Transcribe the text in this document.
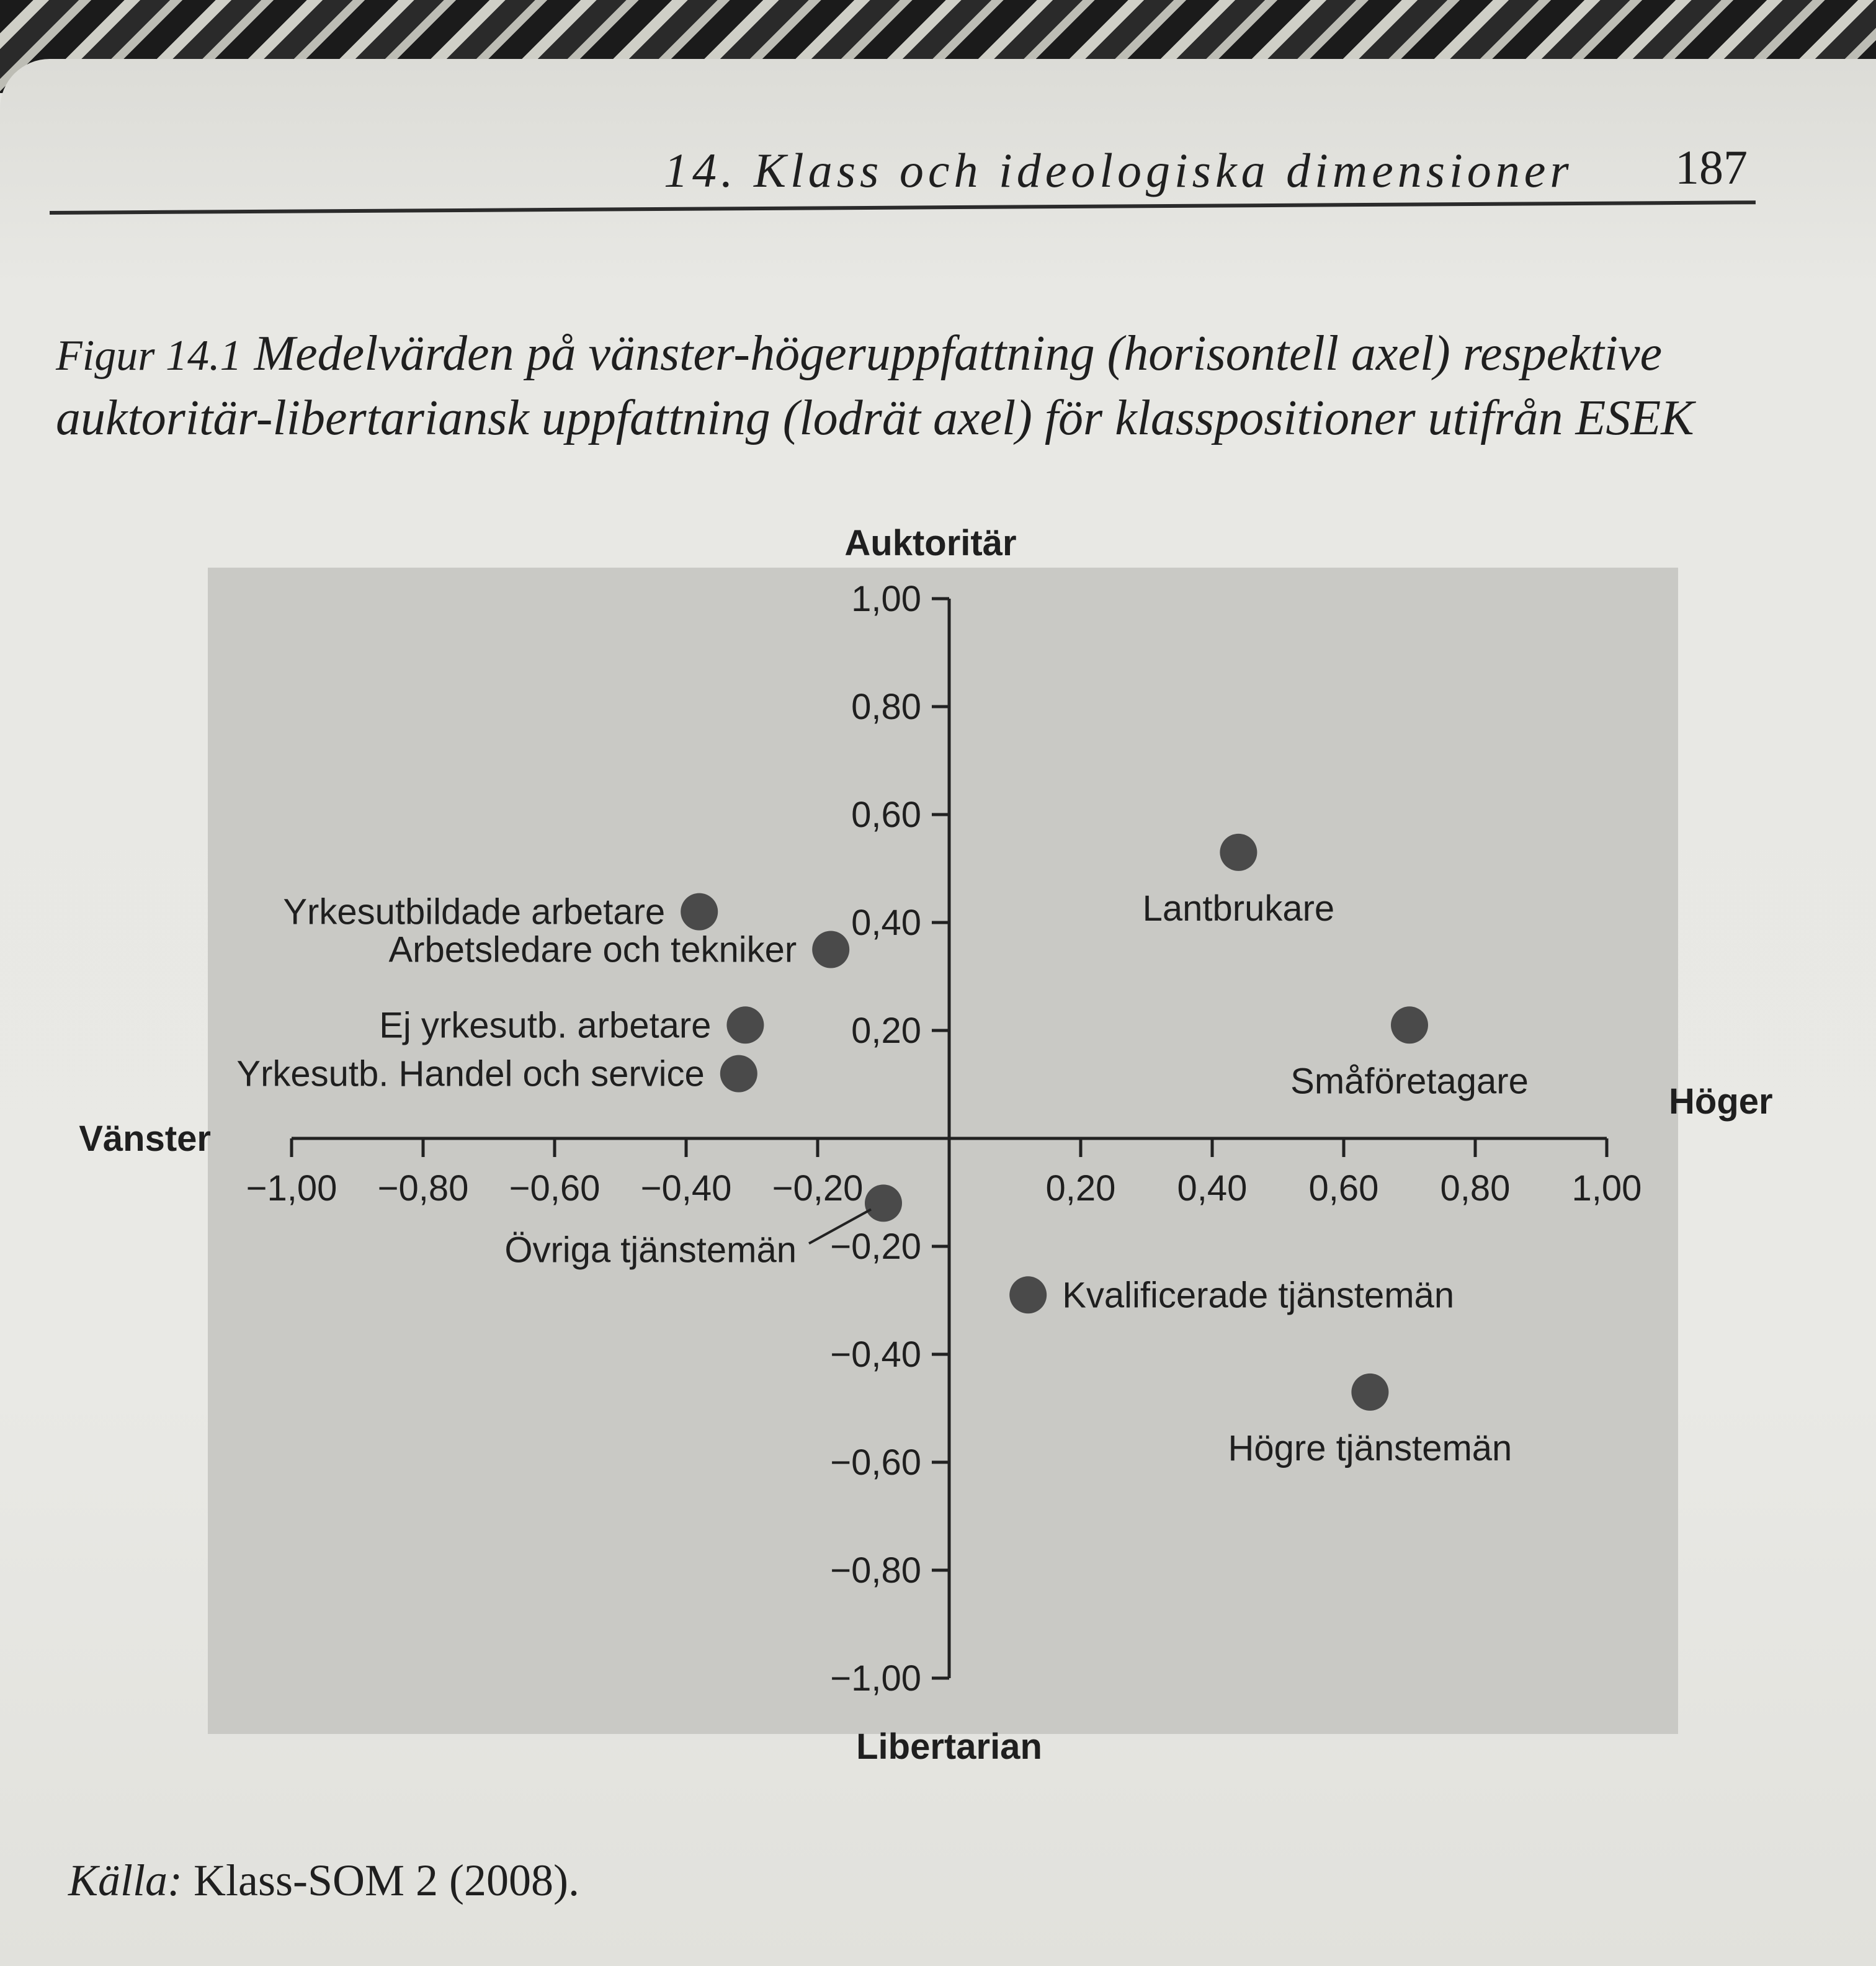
14. Klass och ideologiska dimensioner	187
Figur 14.1 Medelvärden på vänster-högeruppfattning (horisontell axel) respektive
auktoritär-libertariansk uppfattning (lodrät axel) för klasspositioner utifrån ESEK
−1,00 −0,80 −0,60 −0,40 −0,20	0,20 0,40 0,60 0,80 1,00
1,00
0,80
0,60
0,40
0,20
−0,20
−0,40
−0,60
−0,80
−1,00
Auktoritär
Libertarian
Vänster
Höger
Yrkesutbildade arbetare
Arbetsledare och tekniker
Ej yrkesutb. arbetare
Yrkesutb. Handel och service
Övriga tjänstemän
Lantbrukare
Småföretagare
Kvalificerade tjänstemän
Högre tjänstemän
Källa: Klass-SOM 2 (2008).
